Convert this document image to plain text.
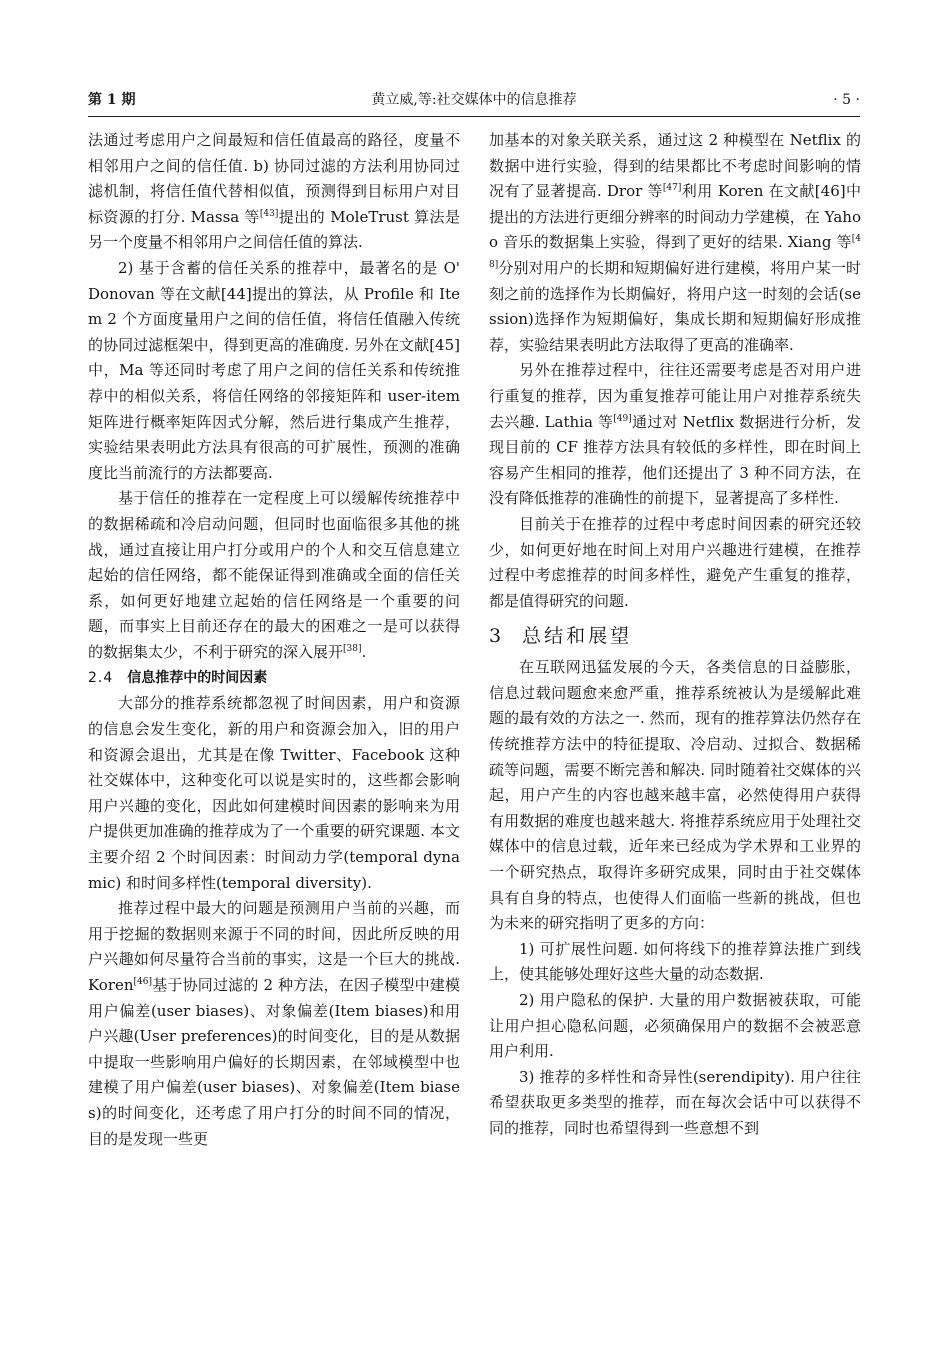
第 1 期	黄立威,等:社交媒体中的信息推荐	· 5 ·

法通过考虑用户之间最短和信任值最高的路径，度量不相邻用户之间的信任值. b) 协同过滤的方法利用协同过滤机制，将信任值代替相似值，预测得到目标用户对目标资源的打分. Massa 等[43]提出的 MoleTrust 算法是另一个度量不相邻用户之间信任值的算法.

2) 基于含蓄的信任关系的推荐中，最著名的是 O' Donovan 等在文献[44]提出的算法，从 Profile 和 Item 2 个方面度量用户之间的信任值，将信任值融入传统的协同过滤框架中，得到更高的准确度. 另外在文献[45]中，Ma 等还同时考虑了用户之间的信任关系和传统推荐中的相似关系，将信任网络的邻接矩阵和 user-item 矩阵进行概率矩阵因式分解，然后进行集成产生推荐，实验结果表明此方法具有很高的可扩展性，预测的准确度比当前流行的方法都要高.

基于信任的推荐在一定程度上可以缓解传统推荐中的数据稀疏和冷启动问题，但同时也面临很多其他的挑战，通过直接让用户打分或用户的个人和交互信息建立起始的信任网络，都不能保证得到准确或全面的信任关系，如何更好地建立起始的信任网络是一个重要的问题，而事实上目前还存在的最大的困难之一是可以获得的数据集太少，不利于研究的深入展开[38].

2.4 信息推荐中的时间因素

大部分的推荐系统都忽视了时间因素，用户和资源的信息会发生变化，新的用户和资源会加入，旧的用户和资源会退出，尤其是在像 Twitter、Facebook 这种社交媒体中，这种变化可以说是实时的，这些都会影响用户兴趣的变化，因此如何建模时间因素的影响来为用户提供更加准确的推荐成为了一个重要的研究课题. 本文主要介绍 2 个时间因素：时间动力学(temporal dynamic) 和时间多样性(temporal diversity).

推荐过程中最大的问题是预测用户当前的兴趣，而用于挖掘的数据则来源于不同的时间，因此所反映的用户兴趣如何尽量符合当前的事实，这是一个巨大的挑战. Koren[46]基于协同过滤的 2 种方法，在因子模型中建模用户偏差(user biases)、对象偏差(Item biases)和用户兴趣(User preferences)的时间变化，目的是从数据中提取一些影响用户偏好的长期因素，在邻域模型中也建模了用户偏差(user biases)、对象偏差(Item biases)的时间变化，还考虑了用户打分的时间不同的情况，目的是发现一些更

加基本的对象关联关系，通过这 2 种模型在 Netflix 的数据中进行实验，得到的结果都比不考虑时间影响的情况有了显著提高. Dror 等[47]利用 Koren 在文献[46]中提出的方法进行更细分辨率的时间动力学建模，在 Yahoo 音乐的数据集上实验，得到了更好的结果. Xiang 等[48]分别对用户的长期和短期偏好进行建模，将用户某一时刻之前的选择作为长期偏好，将用户这一时刻的会话(session)选择作为短期偏好，集成长期和短期偏好形成推荐，实验结果表明此方法取得了更高的准确率.

另外在推荐过程中，往往还需要考虑是否对用户进行重复的推荐，因为重复推荐可能让用户对推荐系统失去兴趣. Lathia 等[49]通过对 Netflix 数据进行分析，发现目前的 CF 推荐方法具有较低的多样性，即在时间上容易产生相同的推荐，他们还提出了 3 种不同方法，在没有降低推荐的准确性的前提下，显著提高了多样性.

目前关于在推荐的过程中考虑时间因素的研究还较少，如何更好地在时间上对用户兴趣进行建模，在推荐过程中考虑推荐的时间多样性，避免产生重复的推荐，都是值得研究的问题.

3 总结和展望

在互联网迅猛发展的今天，各类信息的日益膨胀，信息过载问题愈来愈严重，推荐系统被认为是缓解此难题的最有效的方法之一. 然而，现有的推荐算法仍然存在传统推荐方法中的特征提取、冷启动、过拟合、数据稀疏等问题，需要不断完善和解决. 同时随着社交媒体的兴起，用户产生的内容也越来越丰富，必然使得用户获得有用数据的难度也越来越大. 将推荐系统应用于处理社交媒体中的信息过载，近年来已经成为学术界和工业界的一个研究热点，取得许多研究成果，同时由于社交媒体具有自身的特点，也使得人们面临一些新的挑战，但也为未来的研究指明了更多的方向：

1) 可扩展性问题. 如何将线下的推荐算法推广到线上，使其能够处理好这些大量的动态数据.

2) 用户隐私的保护. 大量的用户数据被获取，可能让用户担心隐私问题，必须确保用户的数据不会被恶意用户利用.

3) 推荐的多样性和奇异性(serendipity). 用户往往希望获取更多类型的推荐，而在每次会话中可以获得不同的推荐，同时也希望得到一些意想不到
